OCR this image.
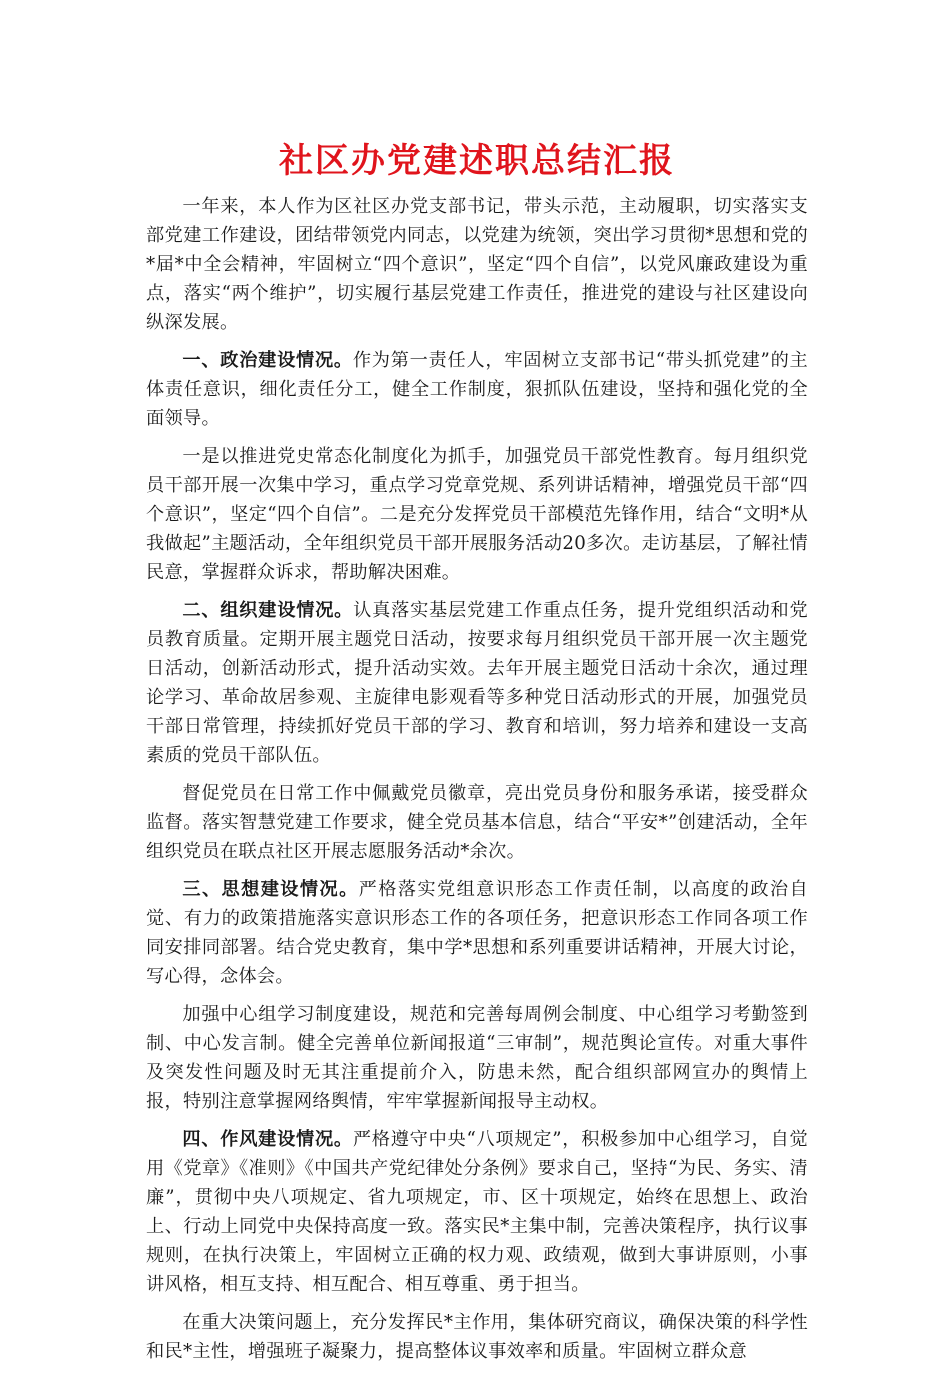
社区办党建述职总结汇报

一年来，本人作为区社区办党支部书记，带头示范，主动履职，切实落实支部党建工作建设，团结带领党内同志，以党建为统领，突出学习贯彻*思想和党的*届*中全会精神，牢固树立“四个意识”，坚定“四个自信”，以党风廉政建设为重点，落实“两个维护”，切实履行基层党建工作责任，推进党的建设与社区建设向纵深发展。

一、政治建设情况。作为第一责任人，牢固树立支部书记“带头抓党建”的主体责任意识，细化责任分工，健全工作制度，狠抓队伍建设，坚持和强化党的全面领导。

一是以推进党史常态化制度化为抓手，加强党员干部党性教育。每月组织党员干部开展一次集中学习，重点学习党章党规、系列讲话精神，增强党员干部“四个意识”，坚定“四个自信”。二是充分发挥党员干部模范先锋作用，结合“文明*从我做起”主题活动，全年组织党员干部开展服务活动20多次。走访基层，了解社情民意，掌握群众诉求，帮助解决困难。

二、组织建设情况。认真落实基层党建工作重点任务，提升党组织活动和党员教育质量。定期开展主题党日活动，按要求每月组织党员干部开展一次主题党日活动，创新活动形式，提升活动实效。去年开展主题党日活动十余次，通过理论学习、革命故居参观、主旋律电影观看等多种党日活动形式的开展，加强党员干部日常管理，持续抓好党员干部的学习、教育和培训，努力培养和建设一支高素质的党员干部队伍。

督促党员在日常工作中佩戴党员徽章，亮出党员身份和服务承诺，接受群众监督。落实智慧党建工作要求，健全党员基本信息，结合“平安*”创建活动，全年组织党员在联点社区开展志愿服务活动*余次。

三、思想建设情况。严格落实党组意识形态工作责任制，以高度的政治自觉、有力的政策措施落实意识形态工作的各项任务，把意识形态工作同各项工作同安排同部署。结合党史教育，集中学*思想和系列重要讲话精神，开展大讨论，写心得，念体会。

加强中心组学习制度建设，规范和完善每周例会制度、中心组学习考勤签到制、中心发言制。健全完善单位新闻报道“三审制”，规范舆论宣传。对重大事件及突发性问题及时无其注重提前介入，防患未然，配合组织部网宣办的舆情上报，特别注意掌握网络舆情，牢牢掌握新闻报导主动权。

四、作风建设情况。严格遵守中央“八项规定”，积极参加中心组学习，自觉用《党章》《准则》《中国共产党纪律处分条例》要求自己，坚持“为民、务实、清廉”，贯彻中央八项规定、省九项规定，市、区十项规定，始终在思想上、政治上、行动上同党中央保持高度一致。落实民*主集中制，完善决策程序，执行议事规则，在执行决策上，牢固树立正确的权力观、政绩观，做到大事讲原则，小事讲风格，相互支持、相互配合、相互尊重、勇于担当。

在重大决策问题上，充分发挥民*主作用，集体研究商议，确保决策的科学性和民*主性，增强班子凝聚力，提高整体议事效率和质量。牢固树立群众意
